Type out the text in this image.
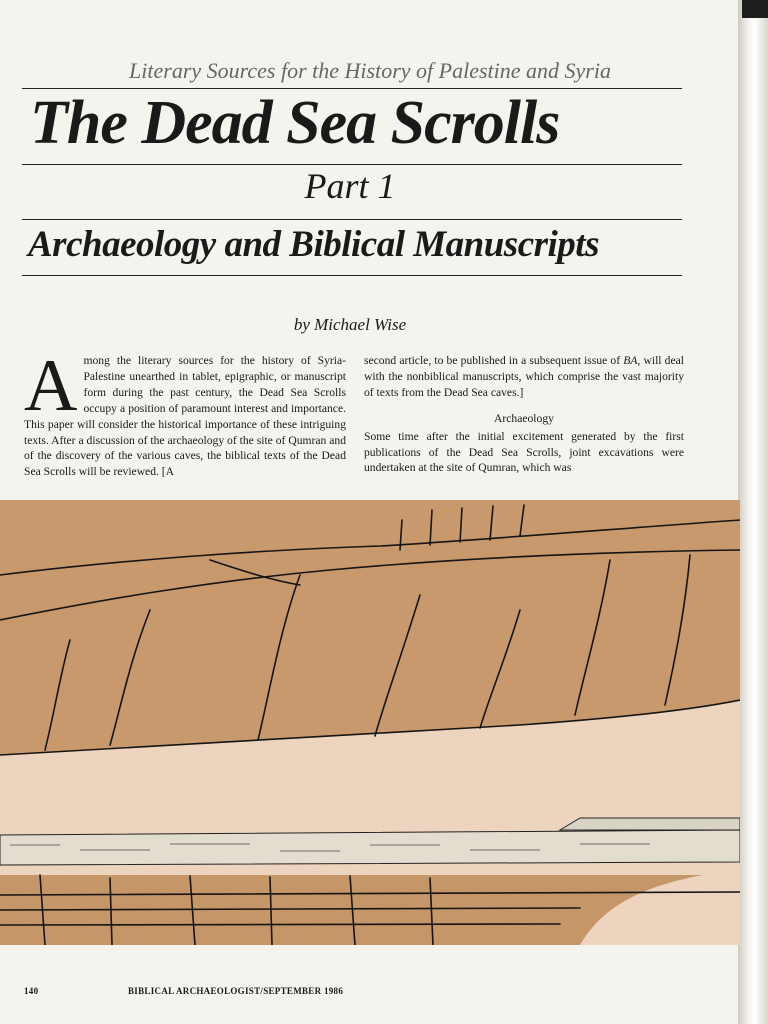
Literary Sources for the History of Palestine and Syria
The Dead Sea Scrolls
Part 1
Archaeology and Biblical Manuscripts
by Michael Wise

Among the literary sources for the history of Syria-Palestine unearthed in tablet, epigraphic, or manuscript form during the past century, the Dead Sea Scrolls occupy a position of paramount interest and importance. This paper will consider the historical importance of these intriguing texts. After a discussion of the archaeology of the site of Qumran and of the discovery of the various caves, the biblical texts of the Dead Sea Scrolls will be reviewed. [A

second article, to be published in a subsequent issue of BA, will deal with the nonbiblical manuscripts, which comprise the vast majority of texts from the Dead Sea caves.]

Archaeology

Some time after the initial excitement generated by the first publications of the Dead Sea Scrolls, joint excavations were undertaken at the site of Qumran, which was

140	BIBLICAL ARCHAEOLOGIST/SEPTEMBER 1986
